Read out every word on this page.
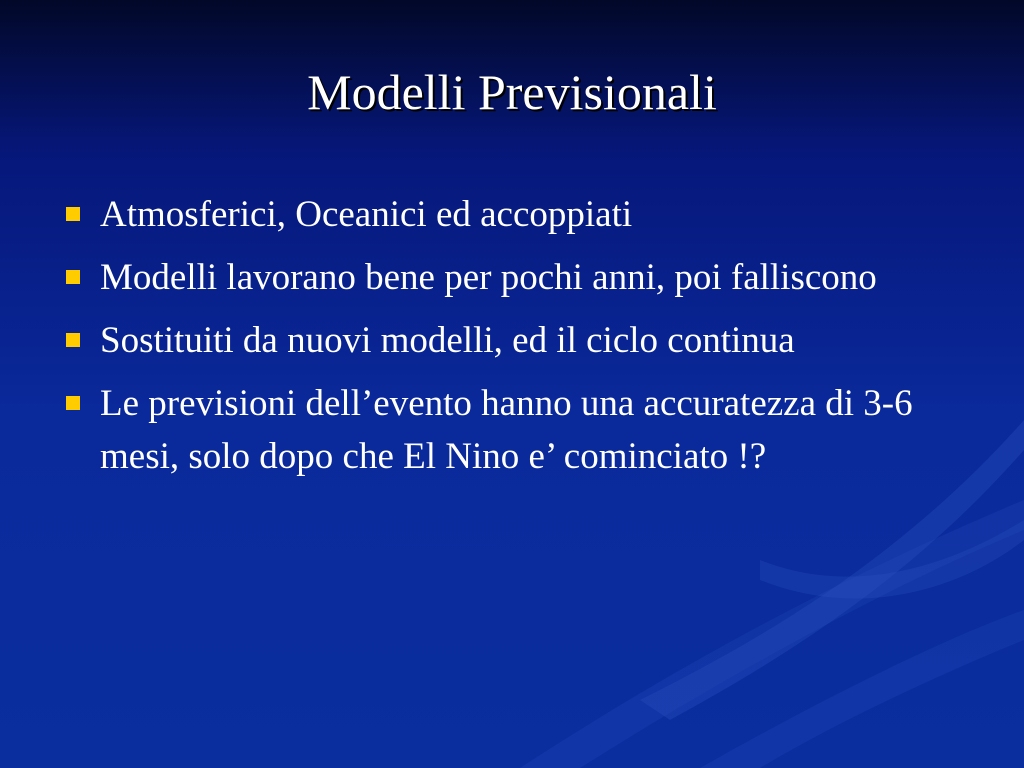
Modelli Previsionali
Atmosferici, Oceanici ed accoppiati
Modelli lavorano bene per pochi anni, poi falliscono
Sostituiti da nuovi modelli, ed il ciclo continua
Le previsioni dell’evento hanno una accuratezza di 3-6 mesi, solo dopo che El Nino e’ cominciato !?
